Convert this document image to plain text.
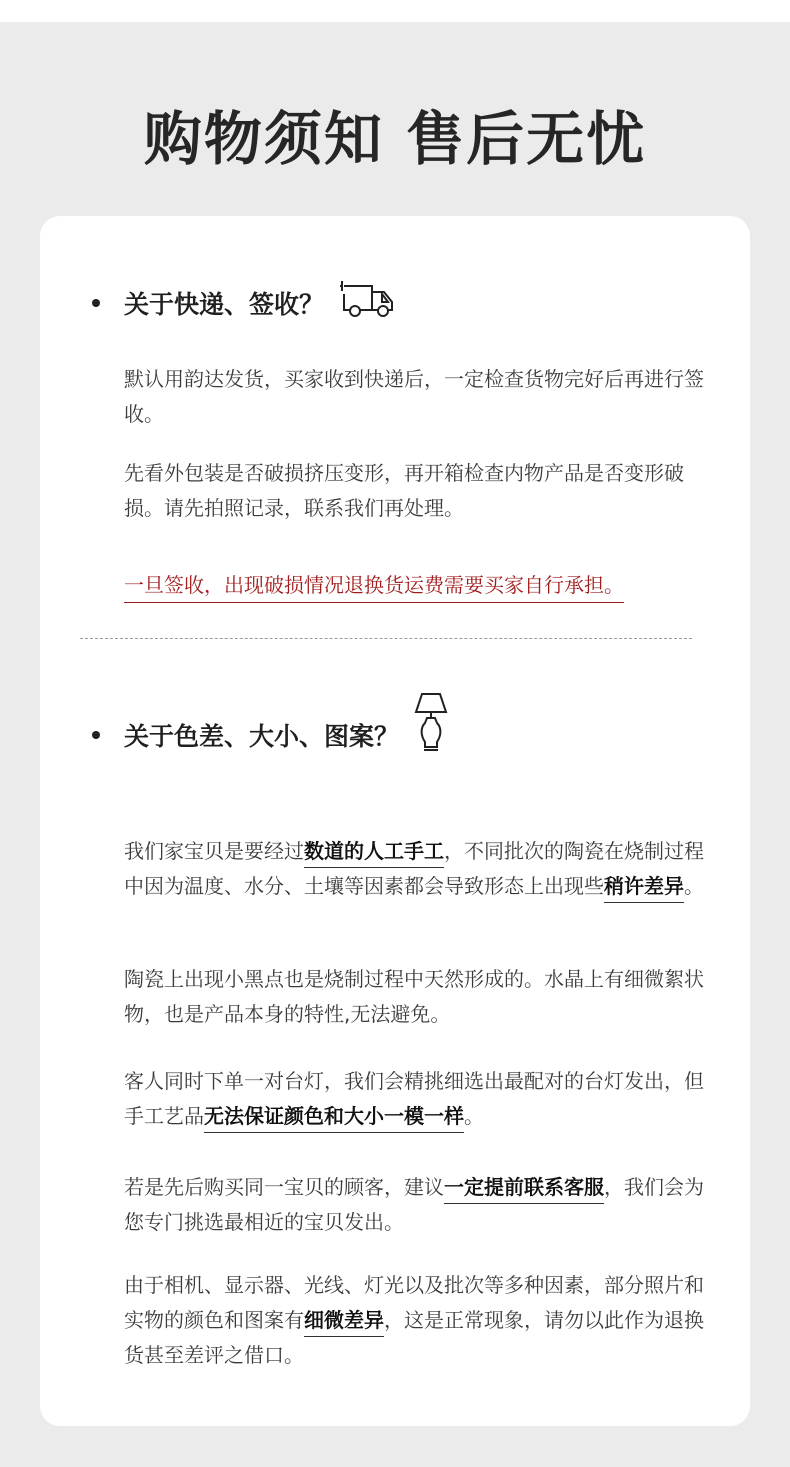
购物须知 售后无忧
关于快递、签收？

默认用韵达发货，买家收到快递后，一定检查货物完好后再进行签收。

先看外包装是否破损挤压变形，再开箱检查内物产品是否变形破损。请先拍照记录，联系我们再处理。

一旦签收，出现破损情况退换货运费需要买家自行承担。
关于色差、大小、图案？

我们家宝贝是要经过数道的人工手工，不同批次的陶瓷在烧制过程中因为温度、水分、土壤等因素都会导致形态上出现些稍许差异。

陶瓷上出现小黑点也是烧制过程中天然形成的。水晶上有细微絮状物，也是产品本身的特性,无法避免。

客人同时下单一对台灯，我们会精挑细选出最配对的台灯发出，但手工艺品无法保证颜色和大小一模一样。

若是先后购买同一宝贝的顾客，建议一定提前联系客服，我们会为您专门挑选最相近的宝贝发出。

由于相机、显示器、光线、灯光以及批次等多种因素，部分照片和实物的颜色和图案有细微差异，这是正常现象，请勿以此作为退换货甚至差评之借口。
